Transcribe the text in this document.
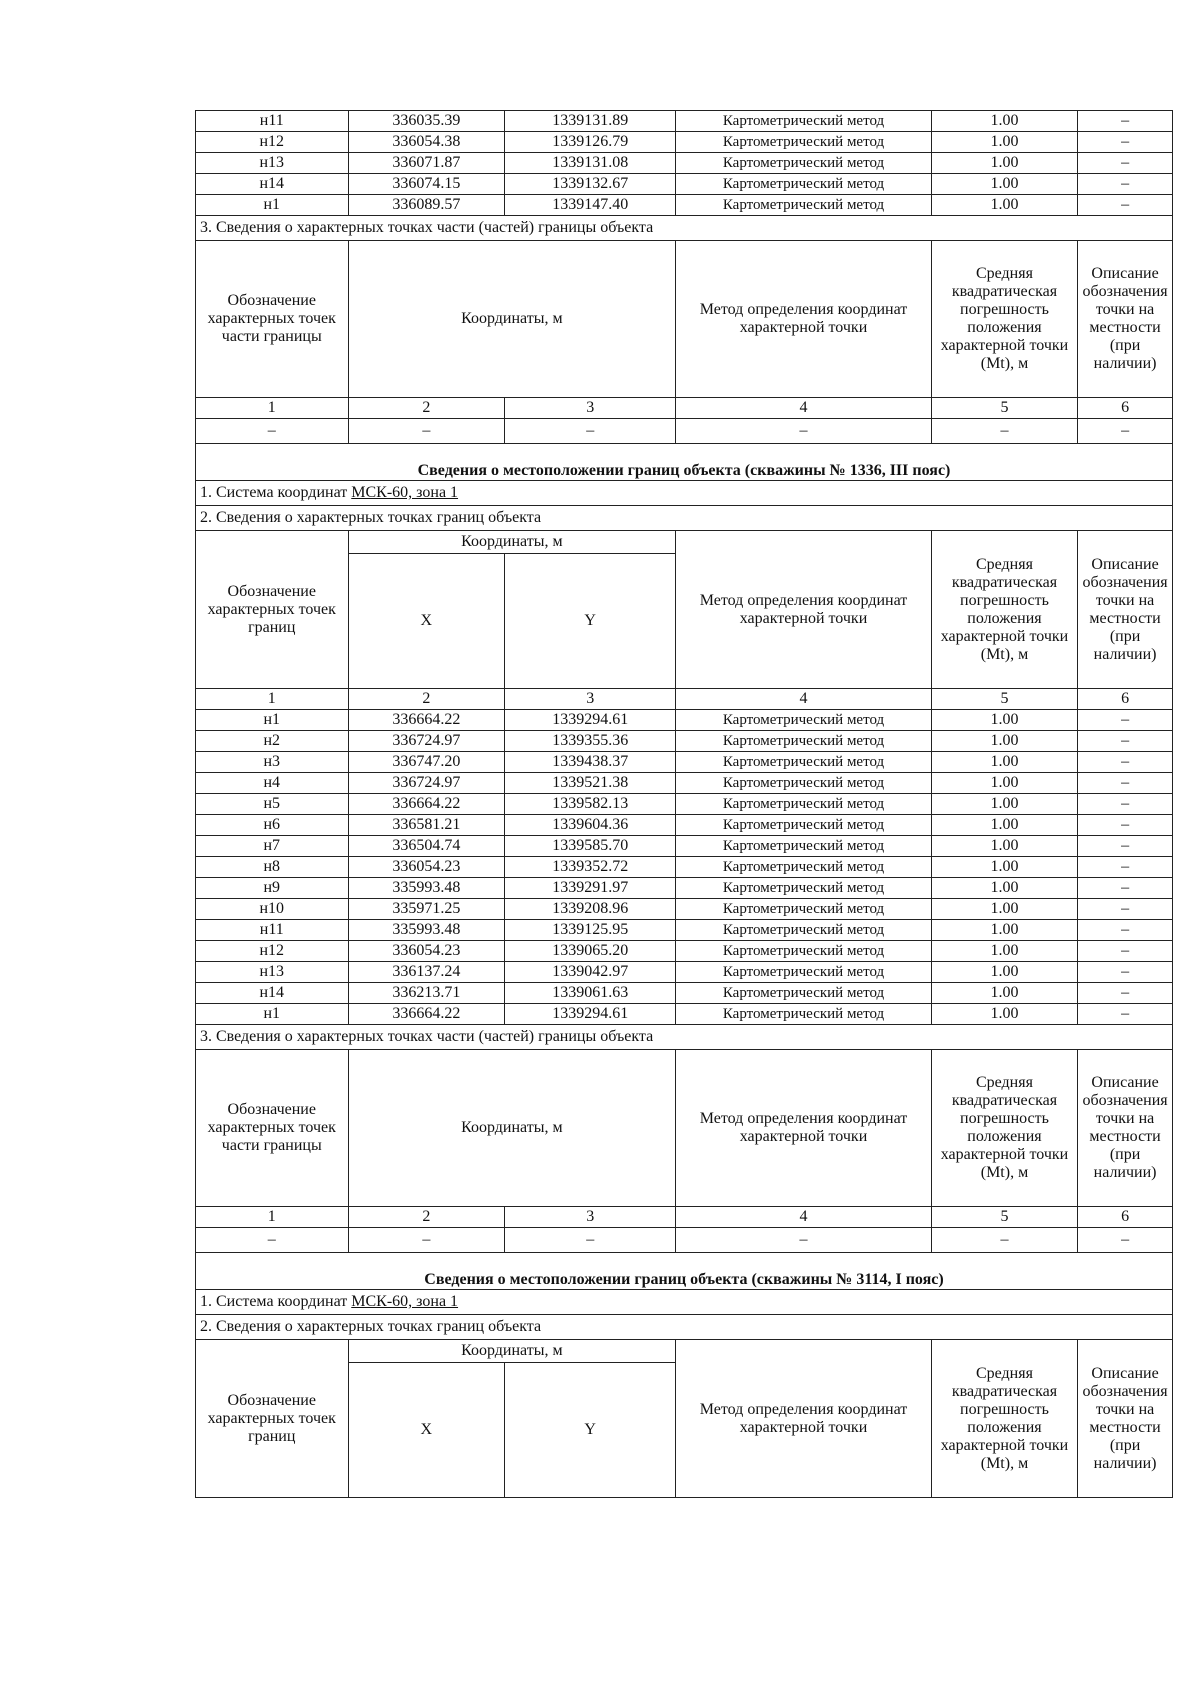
н11	336035.39	1339131.89	Картометрический метод	1.00	–
н12	336054.38	1339126.79	Картометрический метод	1.00	–
н13	336071.87	1339131.08	Картометрический метод	1.00	–
н14	336074.15	1339132.67	Картометрический метод	1.00	–
н1	336089.57	1339147.40	Картометрический метод	1.00	–
3. Сведения о характерных точках части (частей) границы объекта					
Обозначение характерных точек части границы	Координаты, м		Метод определения координат характерной точки	Средняя квадратическая погрешность положения характерной точки (Mt), м	Описание обозначения точки на местности (при наличии)
1	2	3	4	5	6
–	–	–	–	–	–
Сведения о местоположении границ объекта (скважины № 1336, III пояс)					
1. Система координат МСК-60, зона 1					
2. Сведения о характерных точках границ объекта					
Обозначение характерных точек границ	Координаты, м		Метод определения координат характерной точки	Средняя квадратическая погрешность положения характерной точки (Mt), м	Описание обозначения точки на местности (при наличии)
	X	Y			
1	2	3	4	5	6
н1	336664.22	1339294.61	Картометрический метод	1.00	–
н2	336724.97	1339355.36	Картометрический метод	1.00	–
н3	336747.20	1339438.37	Картометрический метод	1.00	–
н4	336724.97	1339521.38	Картометрический метод	1.00	–
н5	336664.22	1339582.13	Картометрический метод	1.00	–
н6	336581.21	1339604.36	Картометрический метод	1.00	–
н7	336504.74	1339585.70	Картометрический метод	1.00	–
н8	336054.23	1339352.72	Картометрический метод	1.00	–
н9	335993.48	1339291.97	Картометрический метод	1.00	–
н10	335971.25	1339208.96	Картометрический метод	1.00	–
н11	335993.48	1339125.95	Картометрический метод	1.00	–
н12	336054.23	1339065.20	Картометрический метод	1.00	–
н13	336137.24	1339042.97	Картометрический метод	1.00	–
н14	336213.71	1339061.63	Картометрический метод	1.00	–
н1	336664.22	1339294.61	Картометрический метод	1.00	–
3. Сведения о характерных точках части (частей) границы объекта					
Обозначение характерных точек части границы	Координаты, м		Метод определения координат характерной точки	Средняя квадратическая погрешность положения характерной точки (Mt), м	Описание обозначения точки на местности (при наличии)
1	2	3	4	5	6
–	–	–	–	–	–
Сведения о местоположении границ объекта (скважины № 3114, I пояс)					
1. Система координат МСК-60, зона 1					
2. Сведения о характерных точках границ объекта					
Обозначение характерных точек границ	Координаты, м		Метод определения координат характерной точки	Средняя квадратическая погрешность положения характерной точки (Mt), м	Описание обозначения точки на местности (при наличии)
	X	Y			
